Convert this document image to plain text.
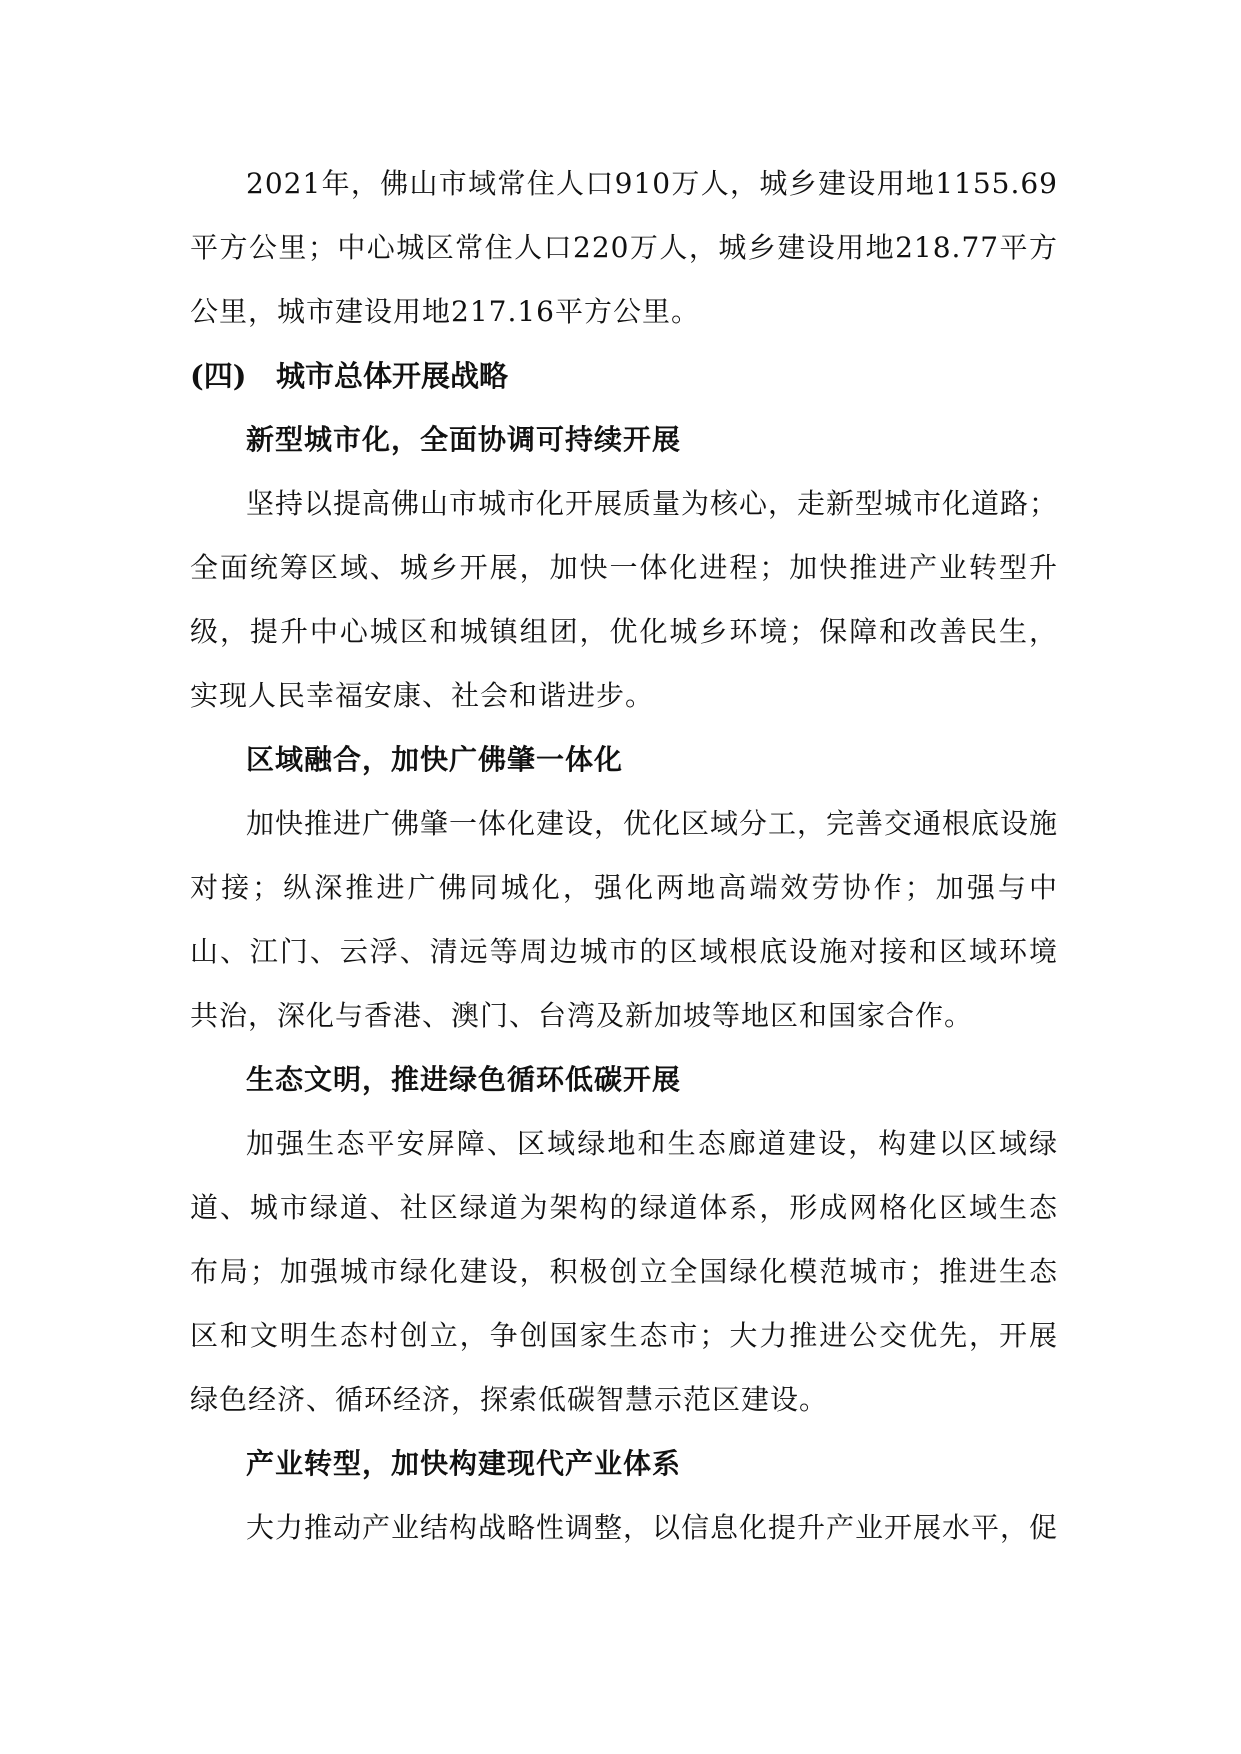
2021年，佛山市域常住人口910万人，城乡建设用地1155.69平方公里；中心城区常住人口220万人，城乡建设用地218.77平方公里，城市建设用地217.16平方公里。

(四)	城市总体开展战略
新型城市化，全面协调可持续开展

坚持以提高佛山市城市化开展质量为核心，走新型城市化道路；全面统筹区域、城乡开展，加快一体化进程；加快推进产业转型升级，提升中心城区和城镇组团，优化城乡环境；保障和改善民生，实现人民幸福安康、社会和谐进步。

区域融合，加快广佛肇一体化

加快推进广佛肇一体化建设，优化区域分工，完善交通根底设施对接；纵深推进广佛同城化，强化两地高端效劳协作；加强与中山、江门、云浮、清远等周边城市的区域根底设施对接和区域环境共治，深化与香港、澳门、台湾及新加坡等地区和国家合作。

生态文明，推进绿色循环低碳开展

加强生态平安屏障、区域绿地和生态廊道建设，构建以区域绿道、城市绿道、社区绿道为架构的绿道体系，形成网格化区域生态布局；加强城市绿化建设，积极创立全国绿化模范城市；推进生态区和文明生态村创立，争创国家生态市；大力推进公交优先，开展绿色经济、循环经济，探索低碳智慧示范区建设。

产业转型，加快构建现代产业体系

大力推动产业结构战略性调整，以信息化提升产业开展水平，促
